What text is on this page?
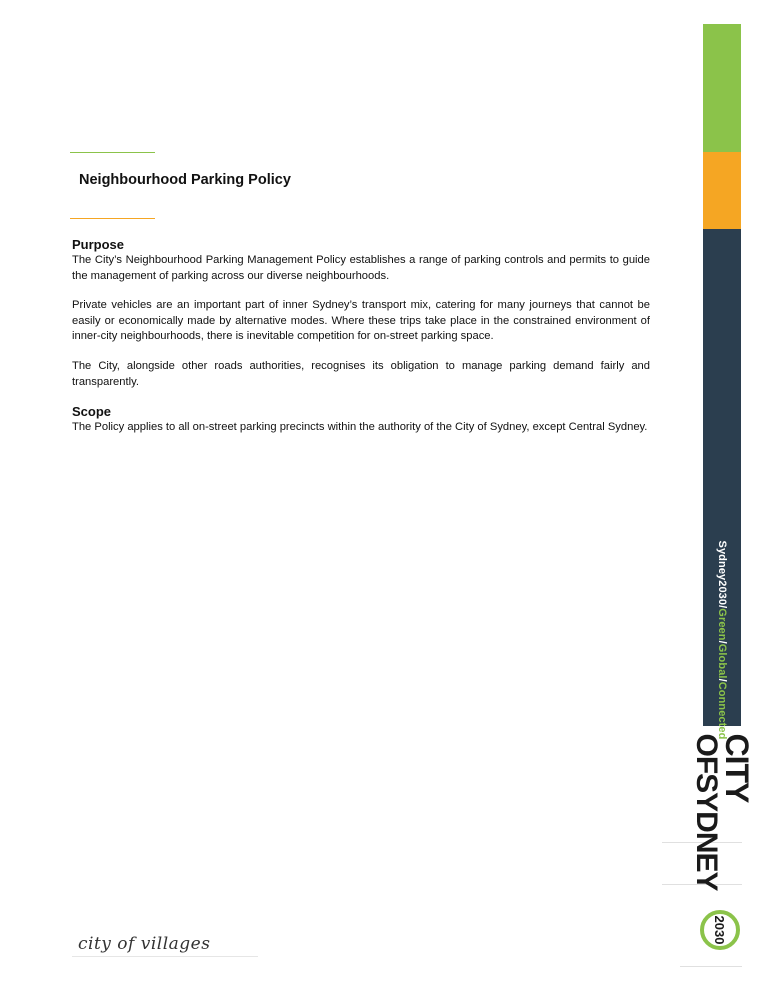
Neighbourhood Parking Policy

Purpose

The City’s Neighbourhood Parking Management Policy establishes a range of parking controls and permits to guide the management of parking across our diverse neighbourhoods.

Private vehicles are an important part of inner Sydney’s transport mix, catering for many journeys that cannot be easily or economically made by alternative modes. Where these trips take place in the constrained environment of inner-city neighbourhoods, there is inevitable competition for on-street parking space.

The City, alongside other roads authorities, recognises its obligation to manage parking demand fairly and transparently.

Scope

The Policy applies to all on-street parking precincts within the authority of the City of Sydney, except Central Sydney.

Sydney2030/Green/Global/Connected
CITY
OFSYDNEY
2030
city of villages
